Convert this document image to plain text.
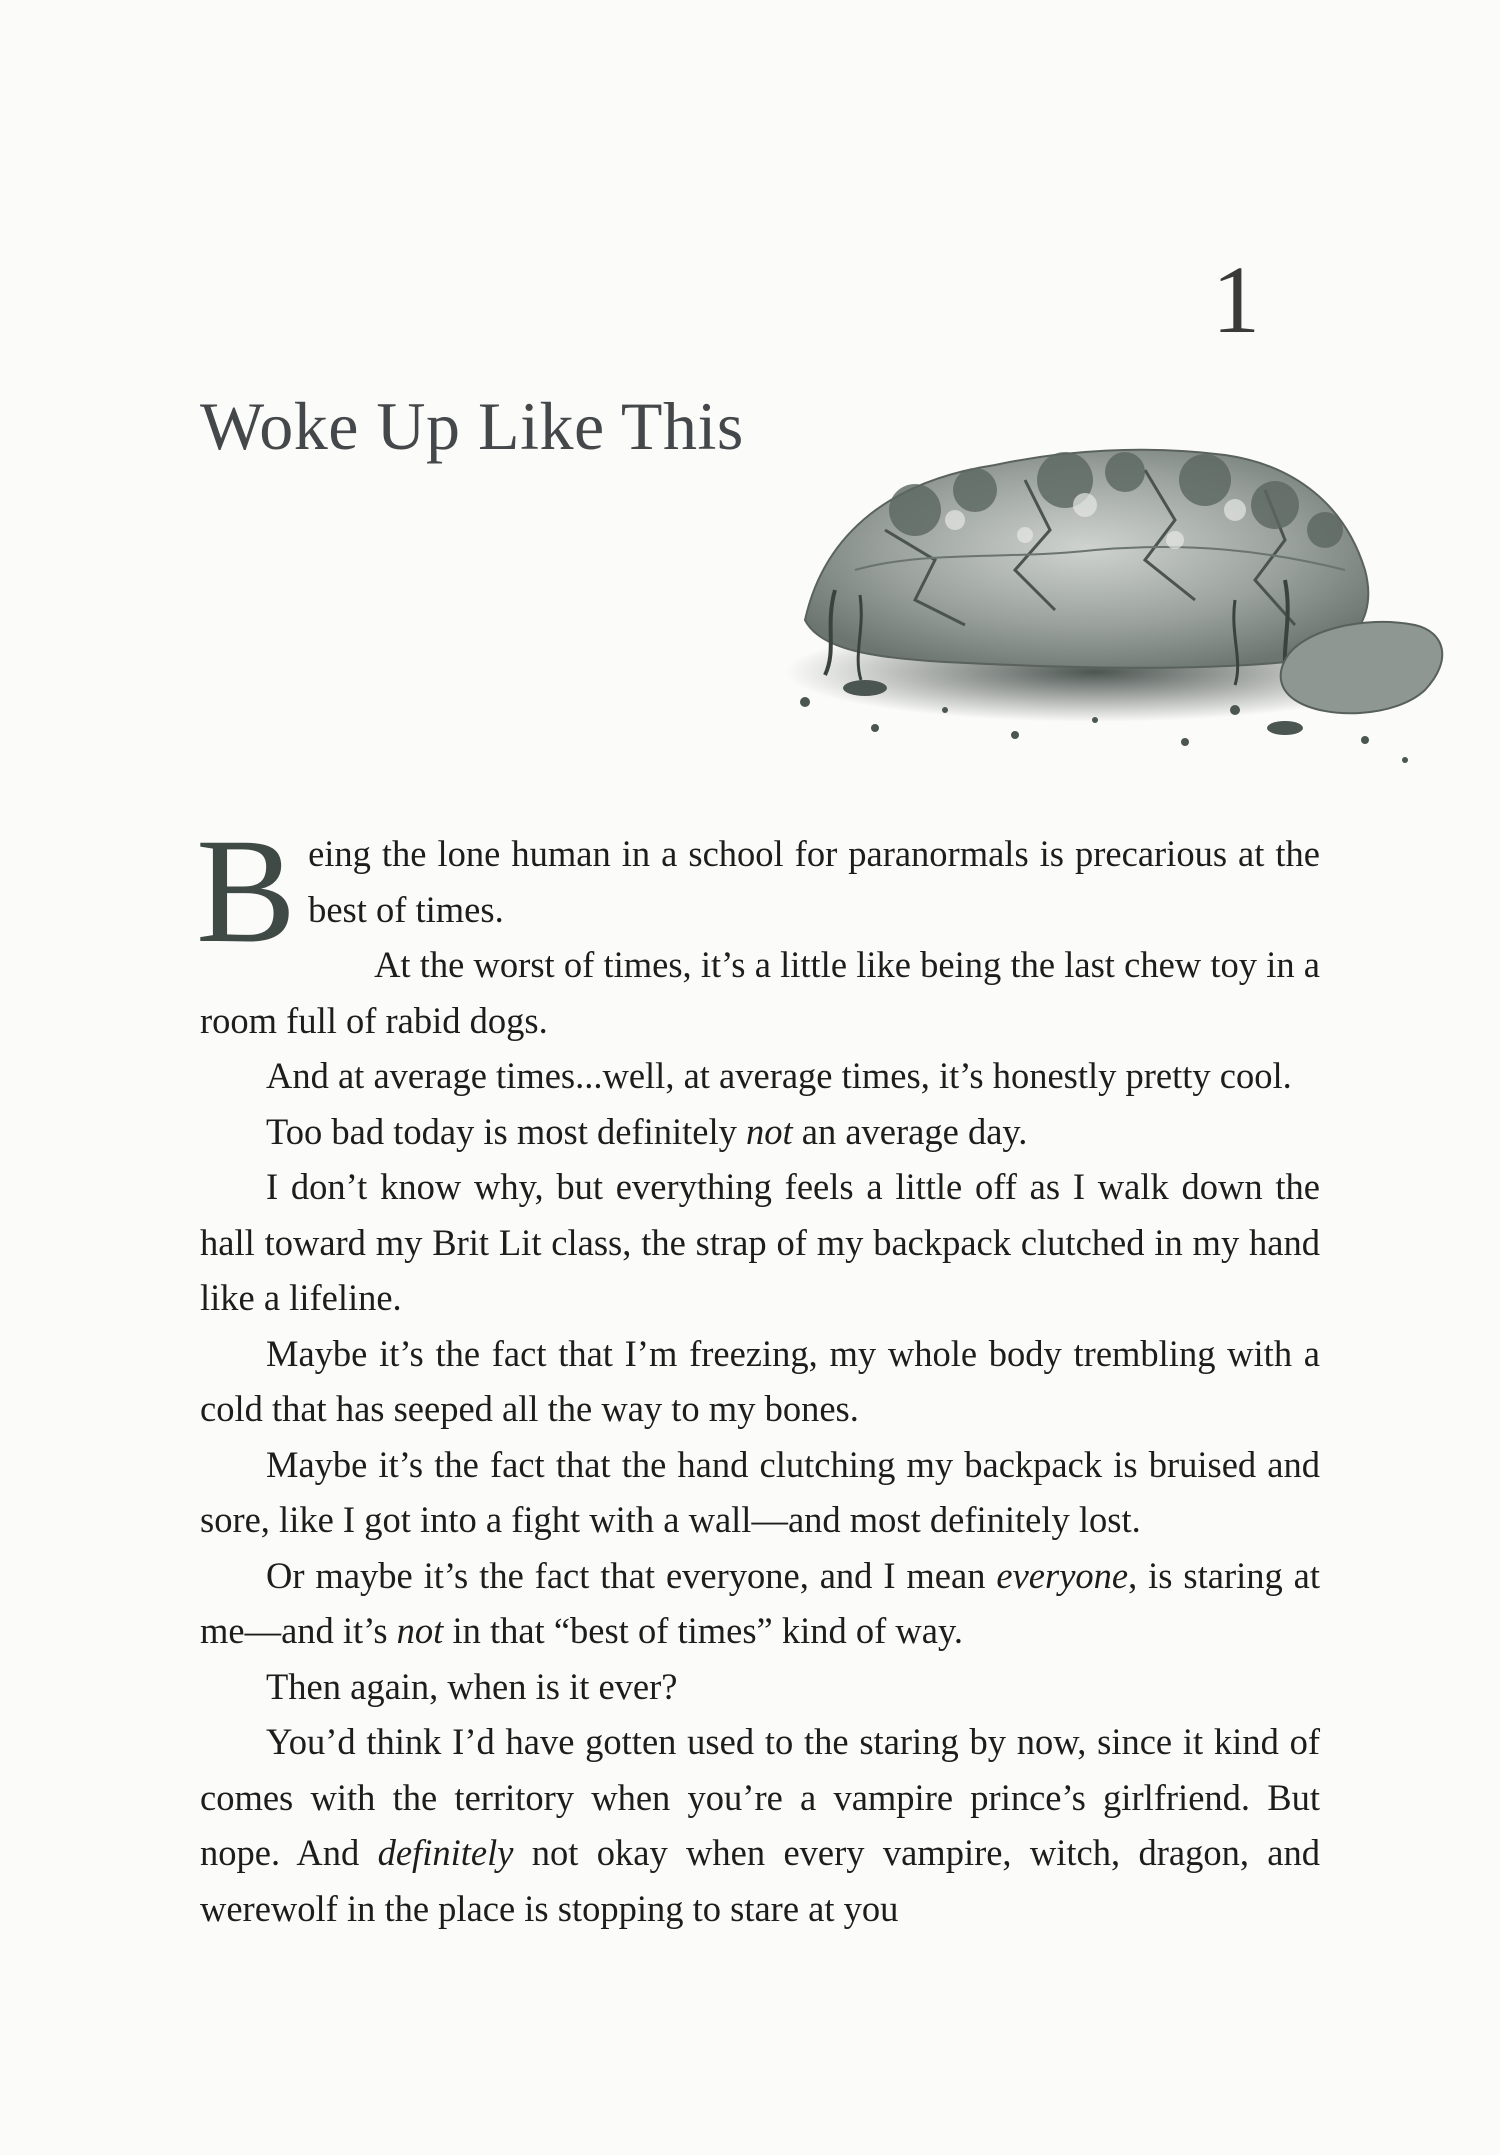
1
Woke Up Like This

Being the lone human in a school for paranormals is precarious at the best of times.

At the worst of times, it’s a little like being the last chew toy in a room full of rabid dogs.

And at average times...well, at average times, it’s honestly pretty cool.

Too bad today is most definitely not an average day.

I don’t know why, but everything feels a little off as I walk down the hall toward my Brit Lit class, the strap of my backpack clutched in my hand like a lifeline.

Maybe it’s the fact that I’m freezing, my whole body trembling with a cold that has seeped all the way to my bones.

Maybe it’s the fact that the hand clutching my backpack is bruised and sore, like I got into a fight with a wall—and most definitely lost.

Or maybe it’s the fact that everyone, and I mean everyone, is staring at me—and it’s not in that “best of times” kind of way.

Then again, when is it ever?

You’d think I’d have gotten used to the staring by now, since it kind of comes with the territory when you’re a vampire prince’s girlfriend. But nope. And definitely not okay when every vampire, witch, dragon, and werewolf in the place is stopping to stare at you
